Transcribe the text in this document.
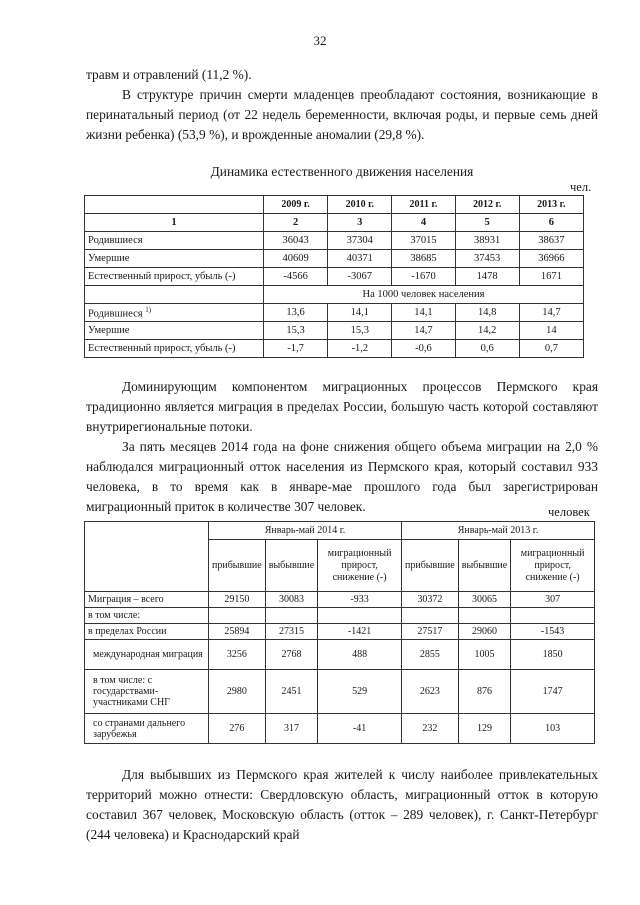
32

травм и отравлений (11,2 %).

В структуре причин смерти младенцев преобладают состояния, возникающие в перинатальный период (от 22 недель беременности, включая роды, и первые семь дней жизни ребенка) (53,9 %), и врожденные аномалии (29,8 %).

Динамика естественного движения населения
чел.
	2009 г.	2010 г.	2011 г.	2012 г.	2013 г.
1	2	3	4	5	6
Родившиеся	36043	37304	37015	38931	38637
Умершие	40609	40371	38685	37453	36966
Естественный прирост, убыль (-)	-4566	-3067	-1670	1478	1671
	На 1000 человек населения				
Родившиеся $^{1)}$	13,6	14,1	14,1	14,8	14,7
Умершие	15,3	15,3	14,7	14,2	14
Естественный прирост, убыль (-)	-1,7	-1,2	-0,6	0,6	0,7

Доминирующим компонентом миграционных процессов Пермского края традиционно является миграция в пределах России, большую часть которой составляют внутрирегиональные потоки.

За пять месяцев 2014 года на фоне снижения общего объема миграции на 2,0 % наблюдался миграционный отток населения из Пермского края, который составил 933 человека, в то время как в январе-мае прошлого года был зарегистрирован миграционный приток в количестве 307 человек.	человек
	Январь-май 2014 г.			Январь-май 2013 г.		
	прибывшие	выбывшие	миграционный прирост, снижение (-)	прибывшие	выбывшие	миграционный прирост, снижение (-)
Миграция – всего	29150	30083	-933	30372	30065	307
в том числе:						
в пределах России	25894	27315	-1421	27517	29060	-1543
международная миграция	3256	2768	488	2855	1005	1850
в том числе: с государствами-участниками СНГ	2980	2451	529	2623	876	1747
со странами дальнего зарубежья	276	317	-41	232	129	103

Для выбывших из Пермского края жителей к числу наиболее привлекательных территорий можно отнести: Свердловскую область, миграционный отток в которую составил 367 человек, Московскую область (отток – 289 человек), г. Санкт-Петербург (244 человека) и Краснодарский край
